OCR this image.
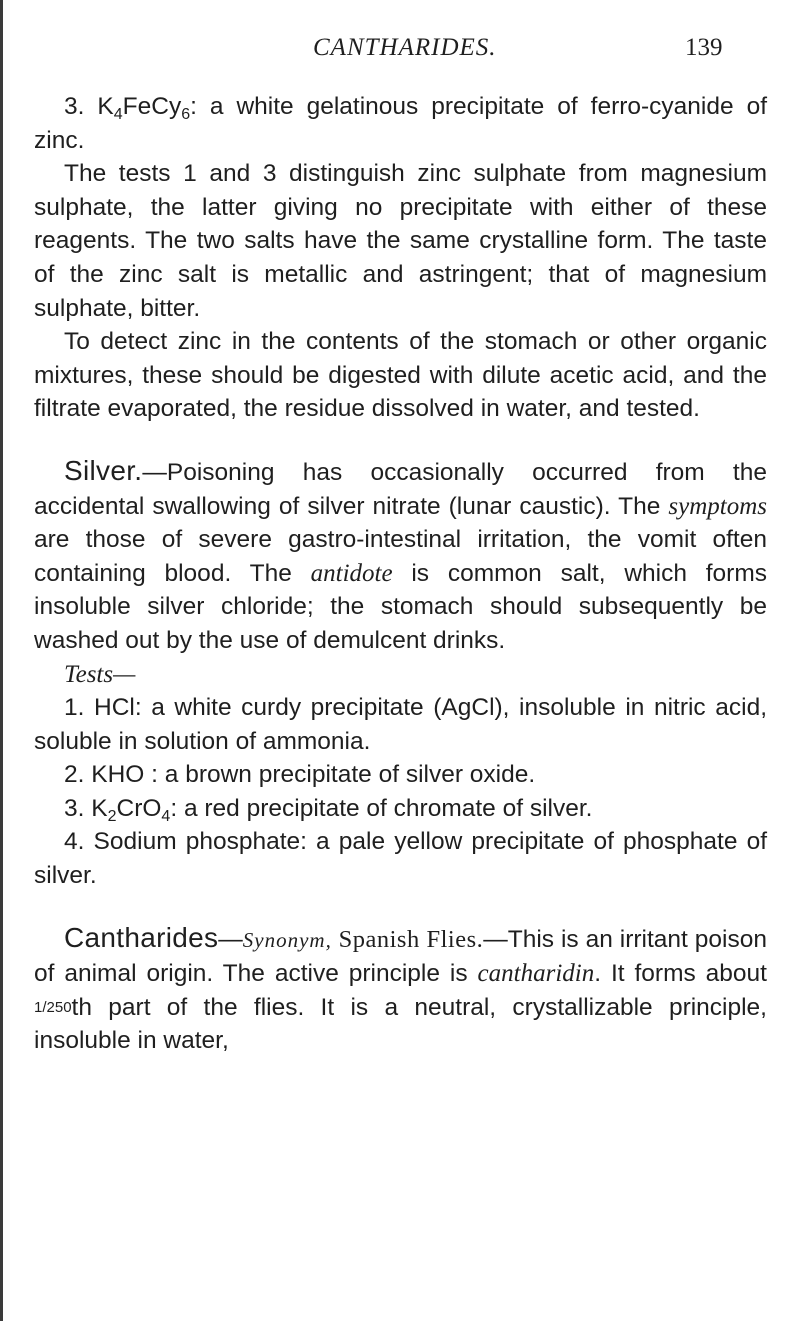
CANTHARIDES.	139

3. $K_4FeCy_6$: a white gelatinous precipitate of ferro-cyanide of zinc.

The tests 1 and 3 distinguish zinc sulphate from magnesium sulphate, the latter giving no precipitate with either of these reagents. The two salts have the same crystalline form. The taste of the zinc salt is metallic and astringent; that of magnesium sulphate, bitter.

To detect zinc in the contents of the stomach or other organic mixtures, these should be digested with dilute acetic acid, and the filtrate evaporated, the residue dissolved in water, and tested.

Silver.—Poisoning has occasionally occurred from the accidental swallowing of silver nitrate (lunar caustic). The symptoms are those of severe gastro-intestinal irritation, the vomit often containing blood. The antidote is common salt, which forms insoluble silver chloride; the stomach should subsequently be washed out by the use of demulcent drinks.

Tests—

1. HCl: a white curdy precipitate (AgCl), insoluble in nitric acid, soluble in solution of ammonia.

2. KHO : a brown precipitate of silver oxide.

3. $K_2CrO_4$: a red precipitate of chromate of silver.

4. Sodium phosphate: a pale yellow precipitate of phosphate of silver.

Cantharides—Synonym, Spanish Flies.—This is an irritant poison of animal origin. The active principle is cantharidin. It forms about 1/250th part of the flies. It is a neutral, crystallizable principle, insoluble in water,
